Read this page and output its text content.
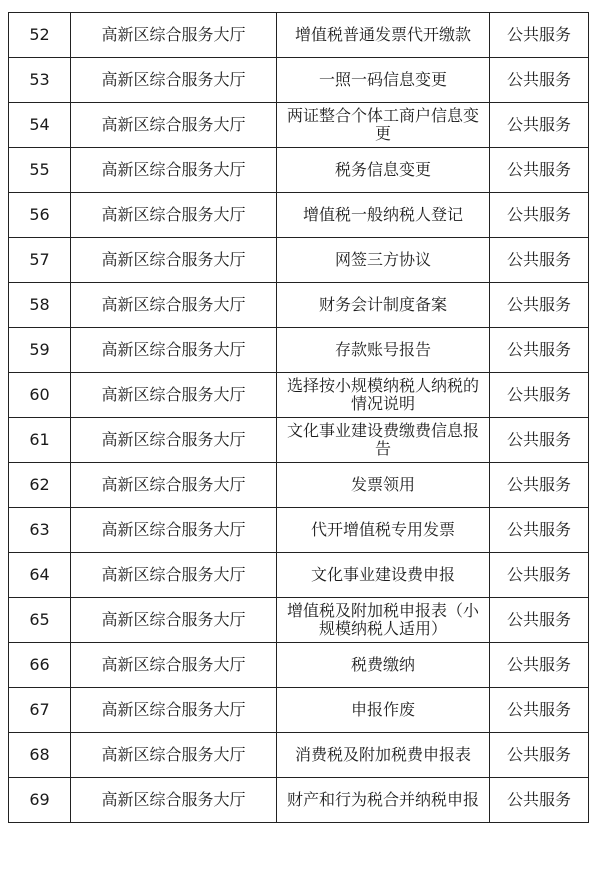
52	高新区综合服务大厅	增值税普通发票代开缴款	公共服务
53	高新区综合服务大厅	一照一码信息变更	公共服务
54	高新区综合服务大厅	两证整合个体工商户信息变更	公共服务
55	高新区综合服务大厅	税务信息变更	公共服务
56	高新区综合服务大厅	增值税一般纳税人登记	公共服务
57	高新区综合服务大厅	网签三方协议	公共服务
58	高新区综合服务大厅	财务会计制度备案	公共服务
59	高新区综合服务大厅	存款账号报告	公共服务
60	高新区综合服务大厅	选择按小规模纳税人纳税的情况说明	公共服务
61	高新区综合服务大厅	文化事业建设费缴费信息报告	公共服务
62	高新区综合服务大厅	发票领用	公共服务
63	高新区综合服务大厅	代开增值税专用发票	公共服务
64	高新区综合服务大厅	文化事业建设费申报	公共服务
65	高新区综合服务大厅	增值税及附加税申报表（小规模纳税人适用）	公共服务
66	高新区综合服务大厅	税费缴纳	公共服务
67	高新区综合服务大厅	申报作废	公共服务
68	高新区综合服务大厅	消费税及附加税费申报表	公共服务
69	高新区综合服务大厅	财产和行为税合并纳税申报	公共服务
